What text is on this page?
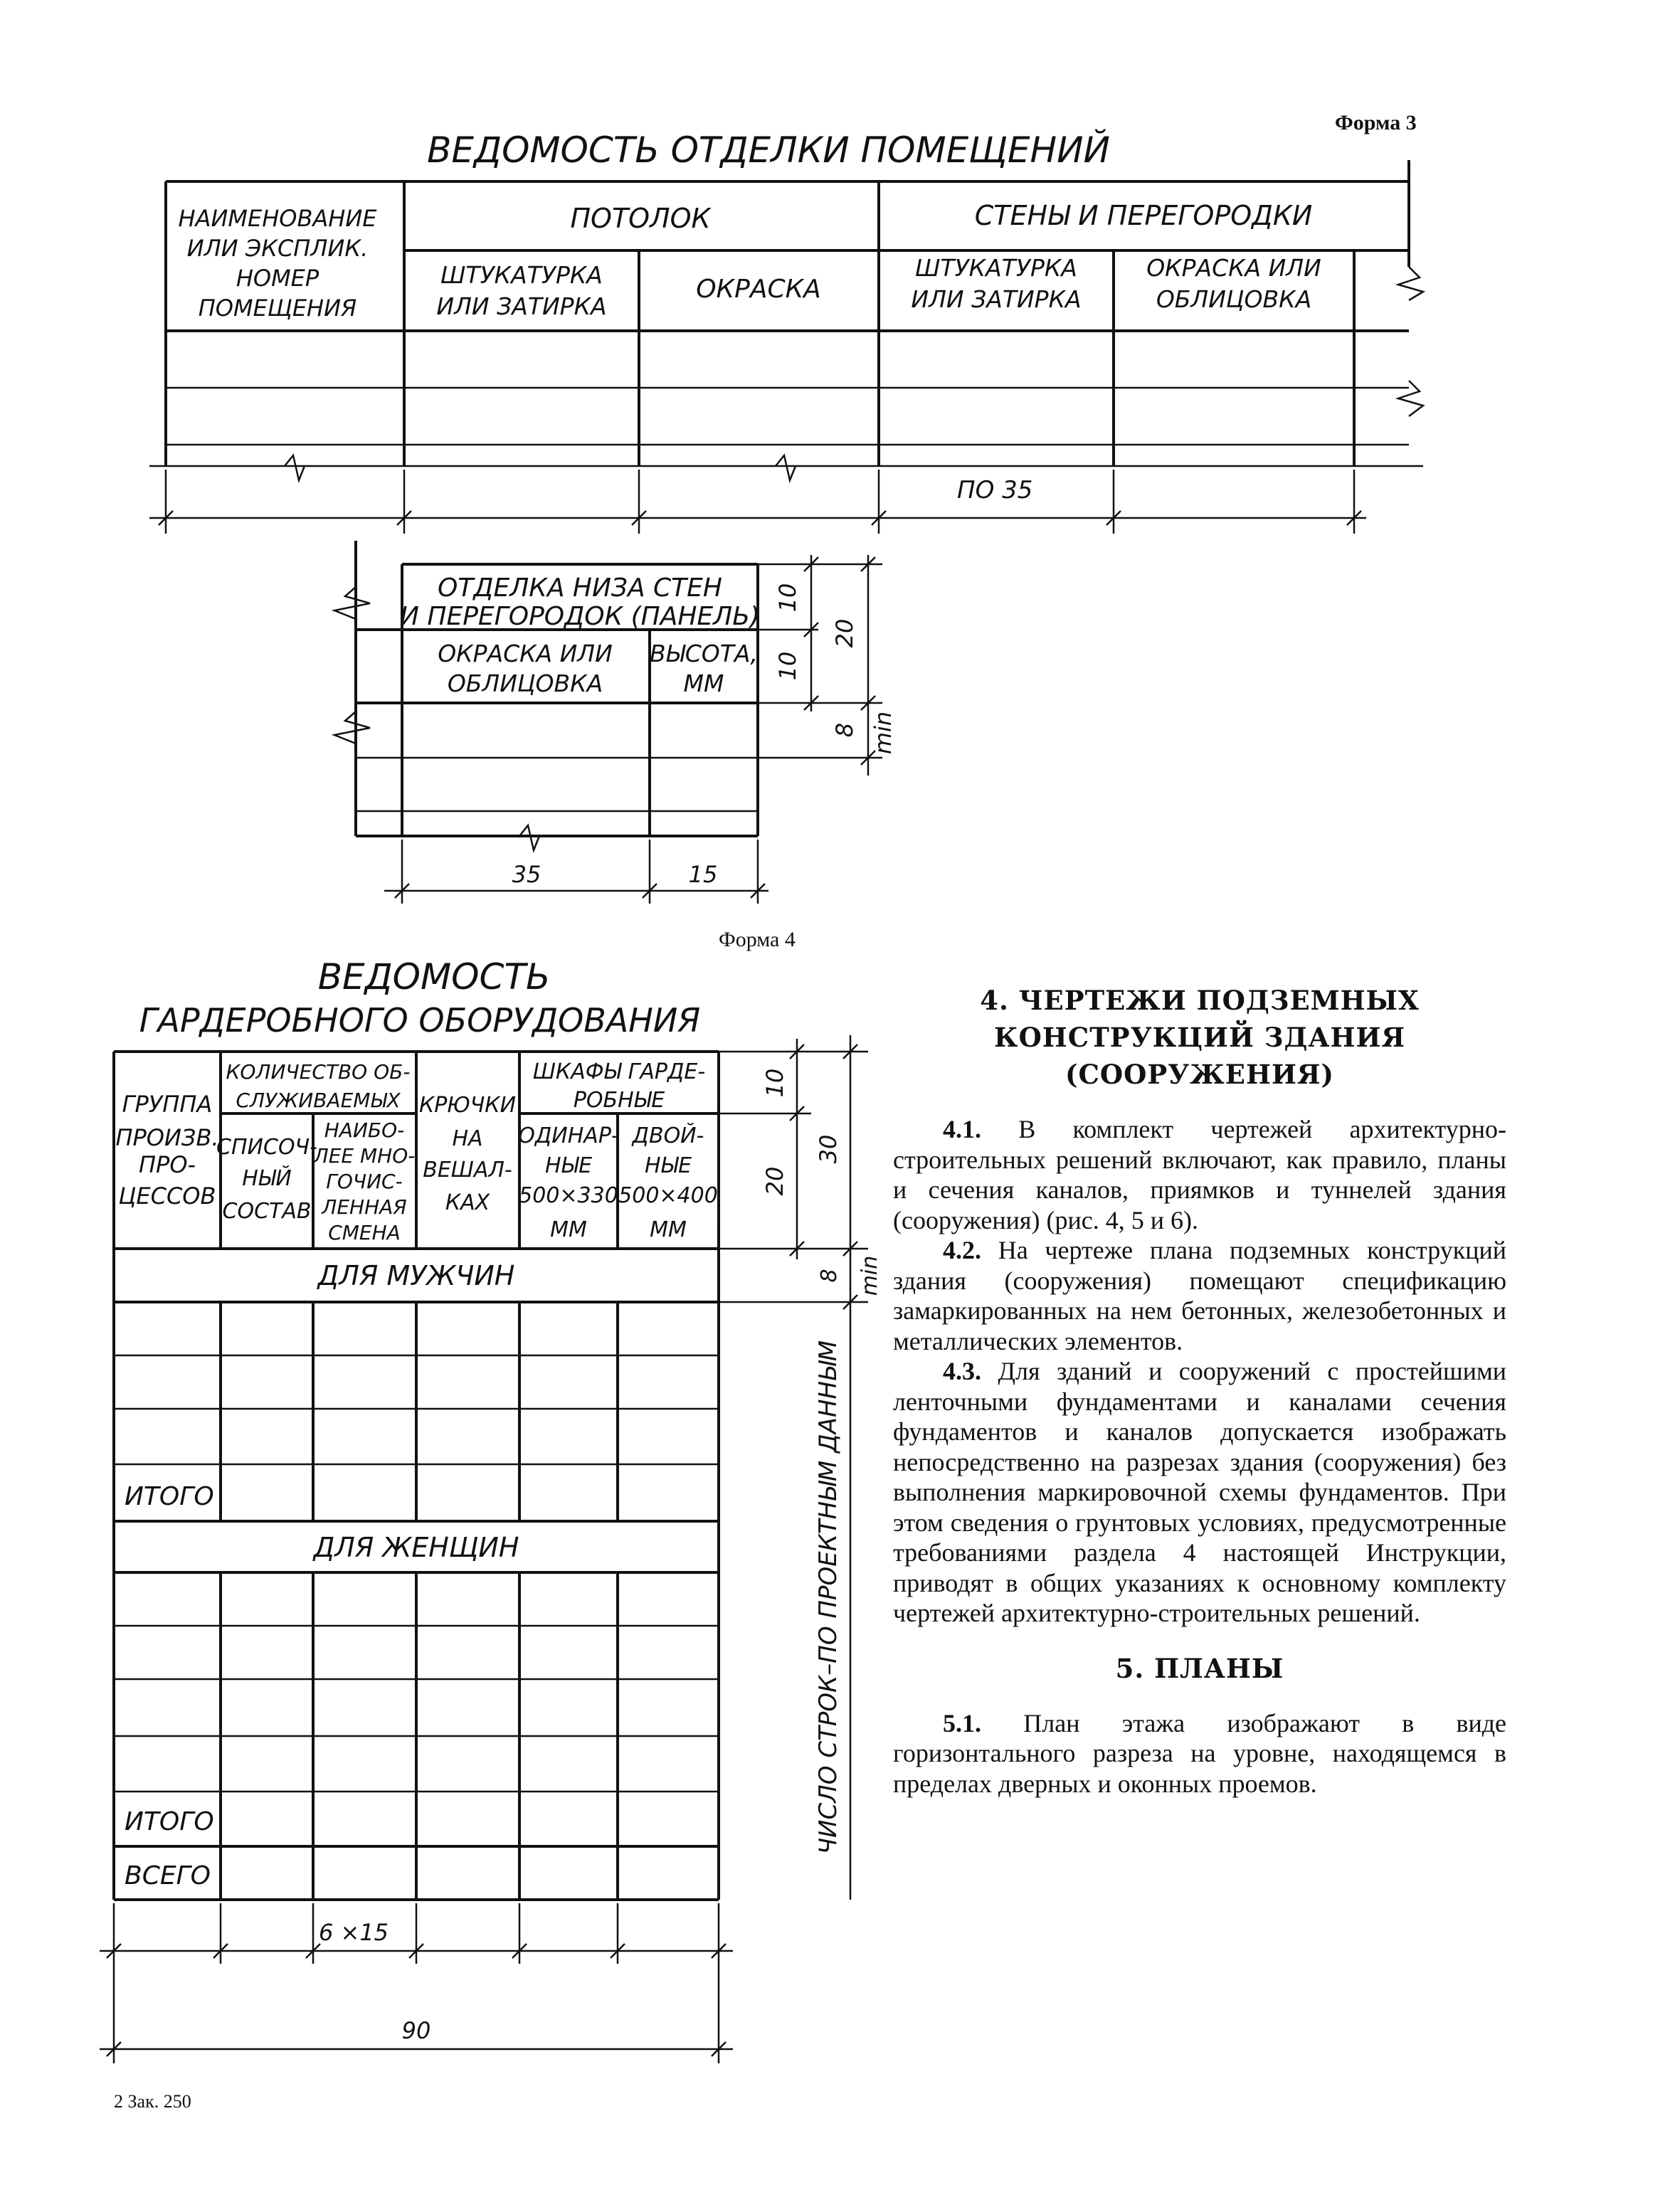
Форма 3
ВЕДОМОСТЬ ОТДЕЛКИ ПОМЕЩЕНИЙ
НАИМЕНОВАНИЕ
ИЛИ ЭКСПЛИК.
НОМЕР
ПОМЕЩЕНИЯ
ПОТОЛОК	СТЕНЫ И ПЕРЕГОРОДКИ
ШТУКАТУРКА
ИЛИ ЗАТИРКА
ОКРАСКА
ШТУКАТУРКА
ИЛИ ЗАТИРКА
ОКРАСКА ИЛИ
ОБЛИЦОВКА
ПО 35
ОТДЕЛКА НИЗА СТЕН
И ПЕРЕГОРОДОК (ПАНЕЛЬ)
ОКРАСКА ИЛИ
ОБЛИЦОВКА
ВЫСОТА,
ММ
10
10
20
8 min
35	15
Форма 4
ВЕДОМОСТЬ
ГАРДЕРОБНОГО ОБОРУДОВАНИЯ
ГРУППА
ПРОИЗВ.
ПРО-
ЦЕССОВ
КОЛИЧЕСТВО ОБ-
СЛУЖИВАЕМЫХ
СПИСОЧ-
НЫЙ
СОСТАВ
НАИБО-
ЛЕЕ МНО-
ГОЧИС-
ЛЕННАЯ
СМЕНА
КРЮЧКИ
НА
ВЕШАЛ-
КАХ
ШКАФЫ ГАРДЕ-
РОБНЫЕ
ОДИНАР-
НЫЕ
500×330
ММ
ДВОЙ-
НЫЕ
500×400
ММ
ДЛЯ МУЖЧИН
ИТОГО
ДЛЯ ЖЕНЩИН
ИТОГО
ВСЕГО
10
20
30
8 min
ЧИСЛО СТРОК–ПО ПРОЕКТНЫМ ДАННЫМ
6 ×15
90
2 Зак. 250
4. ЧЕРТЕЖИ ПОДЗЕМНЫХ
КОНСТРУКЦИЙ ЗДАНИЯ
(СООРУЖЕНИЯ)

4.1. В комплект чертежей архитектурно-строительных решений включают, как правило, планы и сечения каналов, приямков и туннелей здания (сооружения) (рис. 4, 5 и 6).

4.2. На чертеже плана подземных конструкций здания (сооружения) помещают спецификацию замаркированных на нем бетонных, железобетонных и металлических элементов.

4.3. Для зданий и сооружений с простейшими ленточными фундаментами и каналами сечения фундаментов и каналов допускается изображать непосредственно на разрезах здания (сооружения) без выполнения маркировочной схемы фундаментов. При этом сведения о грунтовых условиях, предусмотренные требованиями раздела 4 настоящей Инструкции, приводят в общих указаниях к основному комплекту чертежей архитектурно-строительных решений.

5. ПЛАНЫ

5.1. План этажа изображают в виде горизонтального разреза на уровне, находящемся в пределах дверных и оконных проемов.
